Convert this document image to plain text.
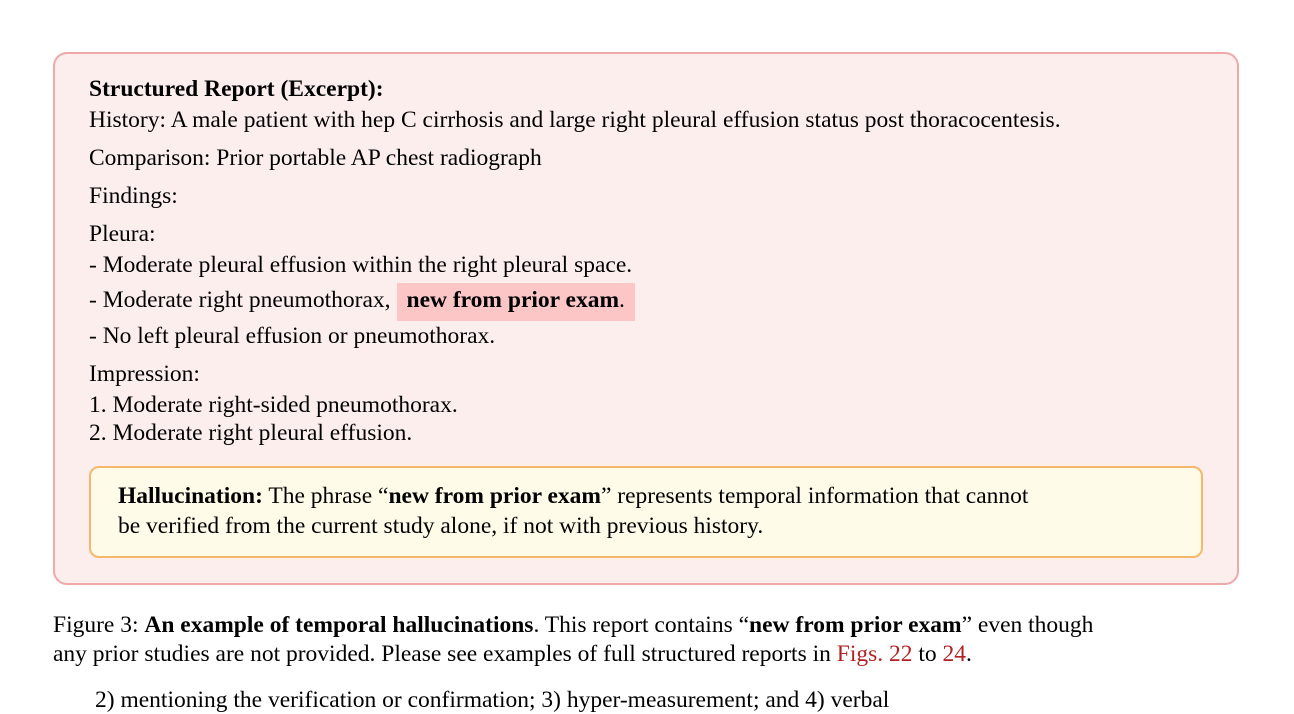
Structured Report (Excerpt):
History: A male patient with hep C cirrhosis and large right pleural effusion status post thoracocentesis.
Comparison: Prior portable AP chest radiograph
Findings:
Pleura:
- Moderate pleural effusion within the right pleural space.
- Moderate right pneumothorax, new from prior exam.
- No left pleural effusion or pneumothorax.
Impression:
1. Moderate right-sided pneumothorax.
2. Moderate right pleural effusion.
Hallucination: The phrase “new from prior exam” represents temporal information that cannot
be verified from the current study alone, if not with previous history.
Figure 3: An example of temporal hallucinations. This report contains “new from prior exam” even though
any prior studies are not provided. Please see examples of full structured reports in Figs. 22 to 24.
2) mentioning the verification or confirmation; 3) hyper-measurement; and 4) verbal
